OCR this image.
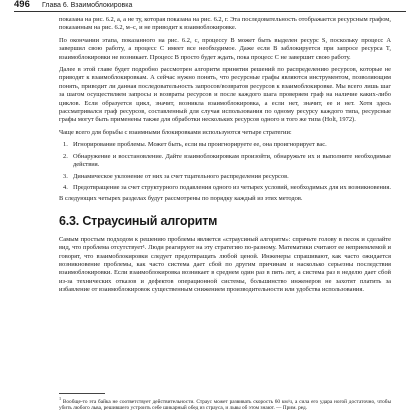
496 Глава 6. Взаимоблокировка

показана на рис. 6.2, а, а не ту, которая показана на рис. 6.2, г. Эта последовательность отображается ресурсным графом, показанным на рис. 6.2, м–с, и не приводит к взаимоблокировке.

По окончании этапа, показанного на рис. 6.2, с, процессу B может быть выделен ресурс S, поскольку процесс A завершил свою работу, а процесс C имеет все необходимое. Даже если B заблокируется при запросе ресурса T, взаимоблокировки не возникает. Процесс B просто будет ждать, пока процесс C не завершит свою работу.

Далее в этой главе будет подробно рассмотрен алгоритм принятия решений по распределению ресурсов, которые не приводят к взаимоблокировкам. А сейчас нужно понять, что ресурсные графы являются инструментом, позволяющим понять, приводит ли данная последовательность запросов/возвратов ресурсов к взаимоблокировке. Мы всего лишь шаг за шагом осуществляем запросы и возвраты ресурсов и после каждого шага проверяем граф на наличие каких-либо циклов. Если образуется цикл, значит, возникла взаимоблокировка, а если нет, значит, ее и нет. Хотя здесь рассматривался граф ресурсов, составленный для случая использования по одному ресурсу каждого типа, ресурсные графы могут быть применены также для обработки нескольких ресурсов одного и того же типа (Holt, 1972).

Чаще всего для борьбы с взаимными блокировками используются четыре стратегии:

1. Игнорирование проблемы. Может быть, если вы проигнорируете ее, она проигнорирует вас.
2. Обнаружение и восстановление. Дайте взаимоблокировкам произойти, обнаружьте их и выполните необходимые действия.
3. Динамическое уклонение от них за счет тщательного распределения ресурсов.
4. Предотвращение за счет структурного подавления одного из четырех условий, необходимых для их возникновения.

В следующих четырех разделах будут рассмотрены по порядку каждый из этих методов.

6.3. Страусиный алгоритм

Самым простым подходом к решению проблемы является «страусиный алгоритм»: спрячьте голову в песок и сделайте вид, что проблема отсутствует¹. Люди реагируют на эту стратегию по-разному. Математики считают ее неприемлемой и говорят, что взаимоблокировки следует предотвращать любой ценой. Инженеры спрашивают, как часто ожидается возникновение проблемы, как часто система дает сбой по другим причинам и насколько серьезны последствия взаимоблокировки. Если взаимоблокировка возникает в среднем один раз в пять лет, а система раз в неделю дает сбой из-за технических отказов и дефектов операционной системы, большинство инженеров не захотят платить за избавление от взаимоблокировок существенным снижением производительности или удобства использования.

$^1$ Вообще-то эта байка не соответствует действительности. Страус может развивать скорость 60 км/ч, а сила его удара ногой достаточно, чтобы убить любого льва, решившего устроить себе шикарный обед из страуса, и львы об этом знают. — Прим. ред.
